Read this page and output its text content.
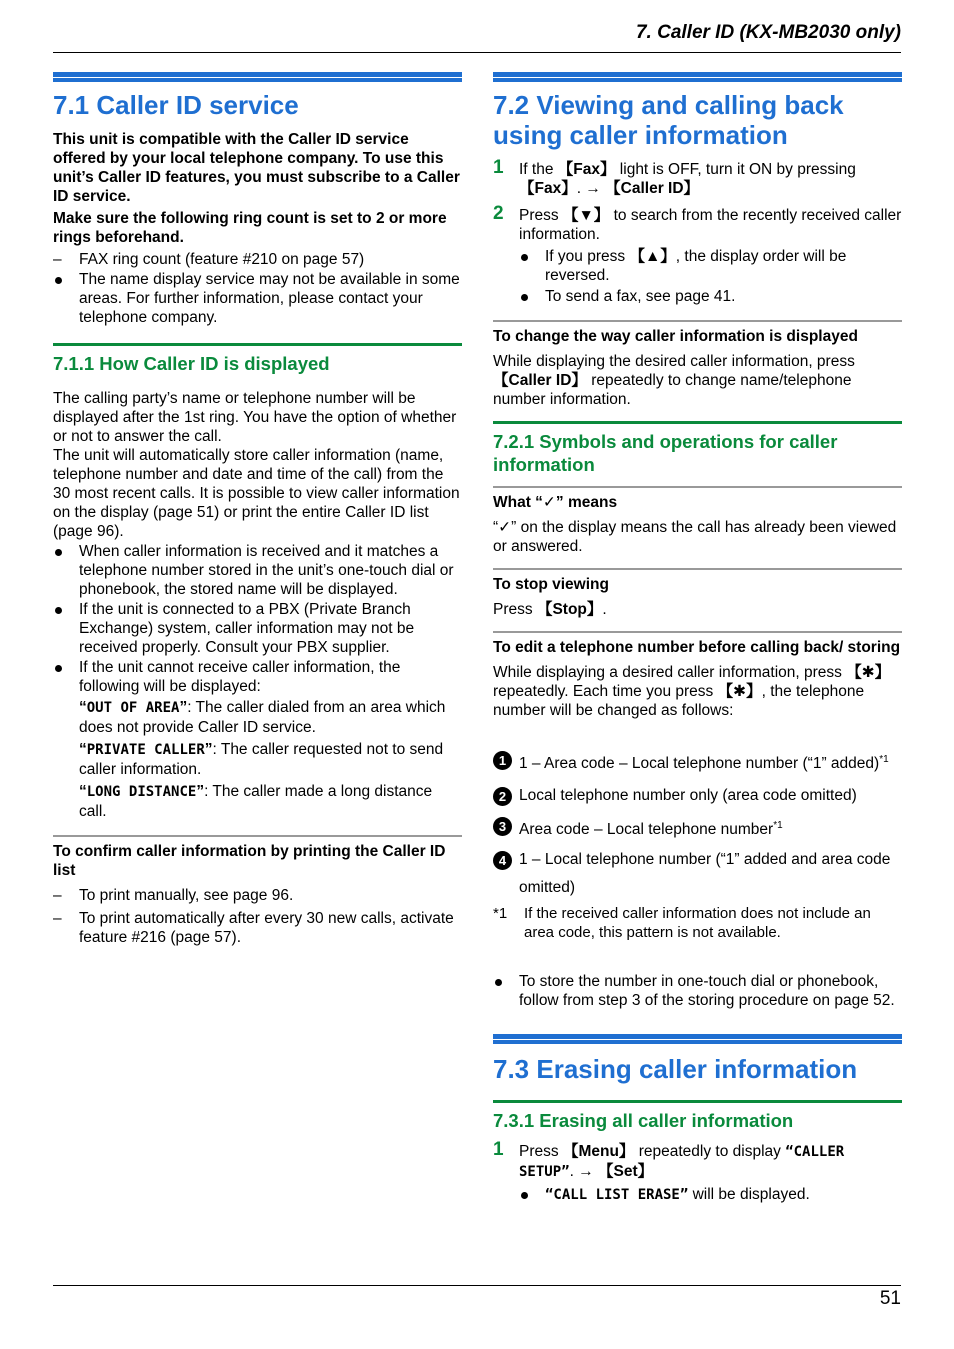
7. Caller ID (KX-MB2030 only)
7.1 Caller ID service

This unit is compatible with the Caller ID service offered by your local telephone company. To use this unit’s Caller ID features, you must subscribe to a Caller ID service.

Make sure the following ring count is set to 2 or more rings beforehand.

–	FAX ring count (feature #210 on page 57)
The name display service may not be available in some areas. For further information, please contact your telephone company.
7.1.1 How Caller ID is displayed

The calling party’s name or telephone number will be displayed after the 1st ring. You have the option of whether or not to answer the call.

The unit will automatically store caller information (name, telephone number and date and time of the call) from the 30 most recent calls. It is possible to view caller information on the display (page 51) or print the entire Caller ID list (page 96).

When caller information is received and it matches a telephone number stored in the unit’s one-touch dial or phonebook, the stored name will be displayed.
If the unit is connected to a PBX (Private Branch Exchange) system, caller information may not be received properly. Consult your PBX supplier.
If the unit cannot receive caller information, the following will be displayed:
“OUT OF AREA”: The caller dialed from an area which does not provide Caller ID service.
“PRIVATE CALLER”: The caller requested not to send caller information.
“LONG DISTANCE”: The caller made a long distance call.

To confirm caller information by printing the Caller ID list

–	To print manually, see page 96.
–	To print automatically after every 30 new calls, activate feature #216 (page 57).
7.2 Viewing and calling back using caller information
1 If the 【Fax】 light is OFF, turn it ON by pressing
【Fax】. → 【Caller ID】
2 Press 【▼】 to search from the recently received caller information.
If you press 【▲】, the display order will be reversed.
To send a fax, see page 41.

To change the way caller information is displayed

While displaying the desired caller information, press 【Caller ID】 repeatedly to change name/telephone number information.

7.2.1 Symbols and operations for caller information

What “✓” means

“✓” on the display means the call has already been viewed or answered.

To stop viewing

Press 【Stop】.

To edit a telephone number before calling back/ storing

While displaying a desired caller information, press 【✱】 repeatedly. Each time you press 【✱】, the telephone number will be changed as follows:

1 1 – Area code – Local telephone number (“1” added)$^{*1}$
2 Local telephone number only (area code omitted)
3 Area code – Local telephone number$^{*1}$
4 1 – Local telephone number (“1” added and area code omitted)
*1 If the received caller information does not include an area code, this pattern is not available.
To store the number in one-touch dial or phonebook, follow from step 3 of the storing procedure on page 52.
7.3 Erasing caller information
7.3.1 Erasing all caller information
1 Press 【Menu】 repeatedly to display “CALLER SETUP”. → 【Set】
“CALL LIST ERASE” will be displayed.
51
